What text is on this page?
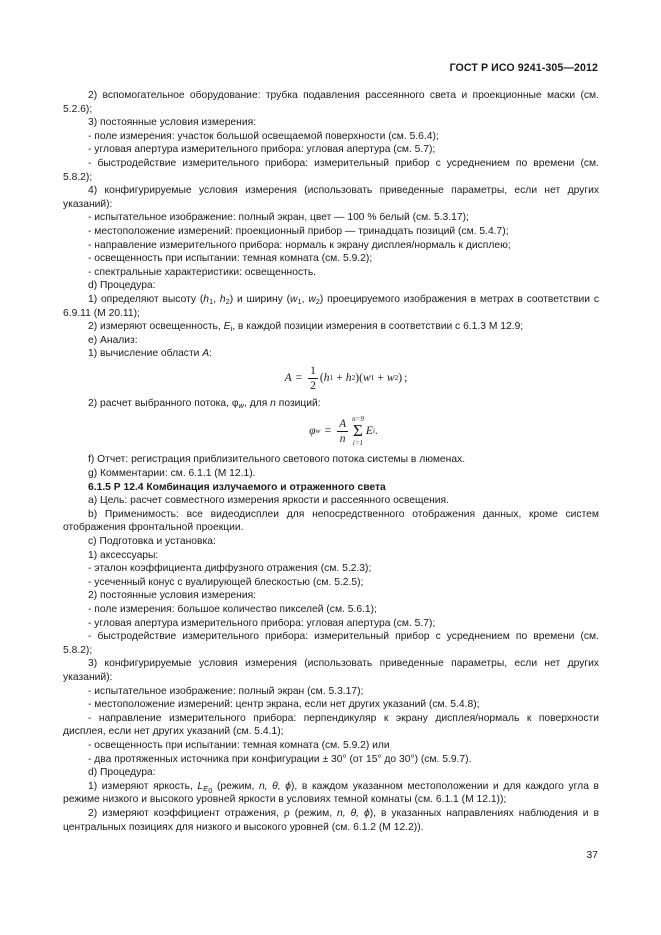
ГОСТ Р ИСО 9241-305—2012

2) вспомогательное оборудование: трубка подавления рассеянного света и проекционные маски (см. 5.2.6);

3) постоянные условия измерения:

- поле измерения: участок большой освещаемой поверхности (см. 5.6.4);

- угловая апертура измерительного прибора: угловая апертура (см. 5.7);

- быстродействие измерительного прибора: измерительный прибор с усреднением по времени (см. 5.8.2);

4) конфигурируемые условия измерения (использовать приведенные параметры, если нет других указаний):

- испытательное изображение: полный экран, цвет — 100 % белый (см. 5.3.17);

- местоположение измерений: проекционный прибор — тринадцать позиций (см. 5.4.7);

- направление измерительного прибора: нормаль к экрану дисплея/нормаль к дисплею;

- освещенность при испытании: темная комната (см. 5.9.2);

- спектральные характеристики: освещенность.

d) Процедура:

1) определяют высоту ($h_1$, $h_2$) и ширину ($w_1$, $w_2$) проецируемого изображения в метрах в соответствии с 6.9.11 (М 20.11);

2) измеряют освещенность, $E_i$, в каждой позиции измерения в соответствии с 6.1.3 М 12.9;

е) Анализ:

1) вычисление области A:

$A = \frac{1}{2}$ ( h 1 + h 2 ) ( w 1 + w 2 ) ;

2) расчет выбранного потока, $\varphi_w$, для n позиций:

φ $w = \frac{A}{n} n=9$
Σ
i=1
E i .

f) Отчет: регистрация приблизительного светового потока системы в люменах.

g) Комментарии: см. 6.1.1 (М 12.1).

6.1.5 Р 12.4 Комбинация излучаемого и отраженного света

a) Цель: расчет совместного измерения яркости и рассеянного освещения.

b) Применимость: все видеодисплеи для непосредственного отображения данных, кроме систем отображения фронтальной проекции.

c) Подготовка и установка:

1) аксессуары:

- эталон коэффициента диффузного отражения (см. 5.2.3);

- усеченный конус с вуалирующей блескостью (см. 5.2.5);

2) постоянные условия измерения:

- поле измерения: большое количество пикселей (см. 5.6.1);

- угловая апертура измерительного прибора: угловая апертура (см. 5.7);

- быстродействие измерительного прибора: измерительный прибор с усреднением по времени (см. 5.8.2);

3) конфигурируемые условия измерения (использовать приведенные параметры, если нет других указаний):

- испытательное изображение: полный экран (см. 5.3.17);

- местоположение измерений: центр экрана, если нет других указаний (см. 5.4.8);

- направление измерительного прибора: перпендикуляр к экрану дисплея/нормаль к поверхности дисплея, если нет других указаний (см. 5.4.1);

- освещенность при испытании: темная комната (см. 5.9.2) или

- два протяженных источника при конфигурации ± 30° (от 15° до 30°) (см. 5.9.7).

d) Процедура:

1) измеряют яркость, $L_{E_0}$ (режим, n, θ, ϕ), в каждом указанном местоположении и для каждого угла в режиме низкого и высокого уровней яркости в условиях темной комнаты (см. 6.1.1 (М 12.1));

2) измеряют коэффициент отражения, ρ (режим, n, θ, ϕ), в указанных направлениях наблюдения и в центральных позициях для низкого и высокого уровней (см. 6.1.2 (М 12.2)).

37
